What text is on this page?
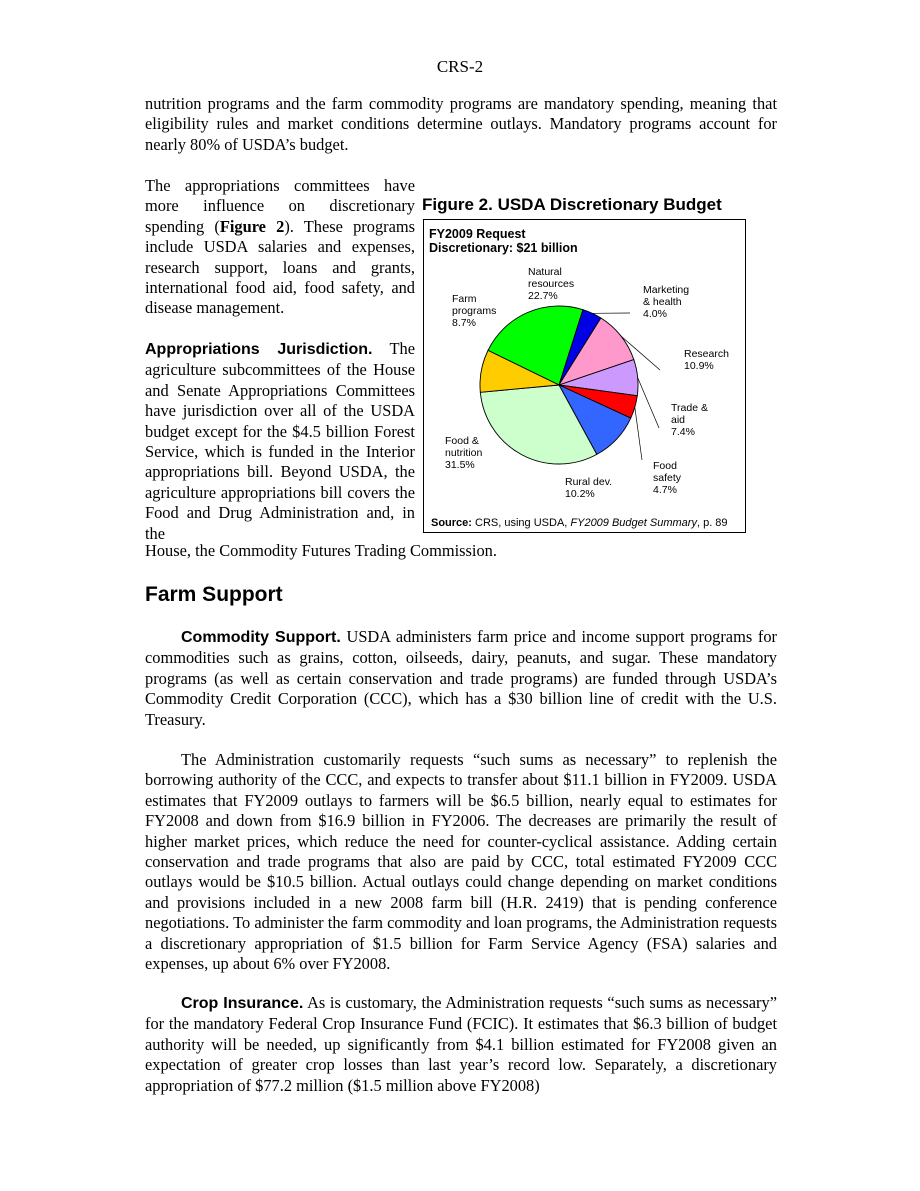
CRS-2

nutrition programs and the farm commodity programs are mandatory spending, meaning that eligibility rules and market conditions determine outlays. Mandatory programs account for nearly 80% of USDA’s budget.

The appropriations committees have more influence on discretionary spending (Figure 2). These programs include USDA salaries and expenses, research support, loans and grants, international food aid, food safety, and disease management.

Appropriations Jurisdiction. The agriculture subcommittees of the House and Senate Appropriations Committees have jurisdiction over all of the USDA budget except for the $4.5 billion Forest Service, which is funded in the Interior appropriations bill. Beyond USDA, the agriculture appropriations bill covers the Food and Drug Administration and, in the

House, the Commodity Futures Trading Commission.

Figure 2. USDA Discretionary Budget
FY2009 Request
Discretionary: $21 billion
Natural resources 22.7%	Marketing & health 4.0%
Research 10.9%
Trade & aid 7.4%
Food safety 4.7%
Rural dev. 10.2%
Food & nutrition 31.5%
Farm programs 8.7%
Source: CRS, using USDA, FY2009 Budget Summary, p. 89
Farm Support

Commodity Support. USDA administers farm price and income support programs for commodities such as grains, cotton, oilseeds, dairy, peanuts, and sugar. These mandatory programs (as well as certain conservation and trade programs) are funded through USDA’s Commodity Credit Corporation (CCC), which has a $30 billion line of credit with the U.S. Treasury.

The Administration customarily requests “such sums as necessary” to replenish the borrowing authority of the CCC, and expects to transfer about $11.1 billion in FY2009. USDA estimates that FY2009 outlays to farmers will be $6.5 billion, nearly equal to estimates for FY2008 and down from $16.9 billion in FY2006. The decreases are primarily the result of higher market prices, which reduce the need for counter-cyclical assistance. Adding certain conservation and trade programs that also are paid by CCC, total estimated FY2009 CCC outlays would be $10.5 billion. Actual outlays could change depending on market conditions and provisions included in a new 2008 farm bill (H.R. 2419) that is pending conference negotiations. To administer the farm commodity and loan programs, the Administration requests a discretionary appropriation of $1.5 billion for Farm Service Agency (FSA) salaries and expenses, up about 6% over FY2008.

Crop Insurance. As is customary, the Administration requests “such sums as necessary” for the mandatory Federal Crop Insurance Fund (FCIC). It estimates that $6.3 billion of budget authority will be needed, up significantly from $4.1 billion estimated for FY2008 given an expectation of greater crop losses than last year’s record low. Separately, a discretionary appropriation of $77.2 million ($1.5 million above FY2008)
